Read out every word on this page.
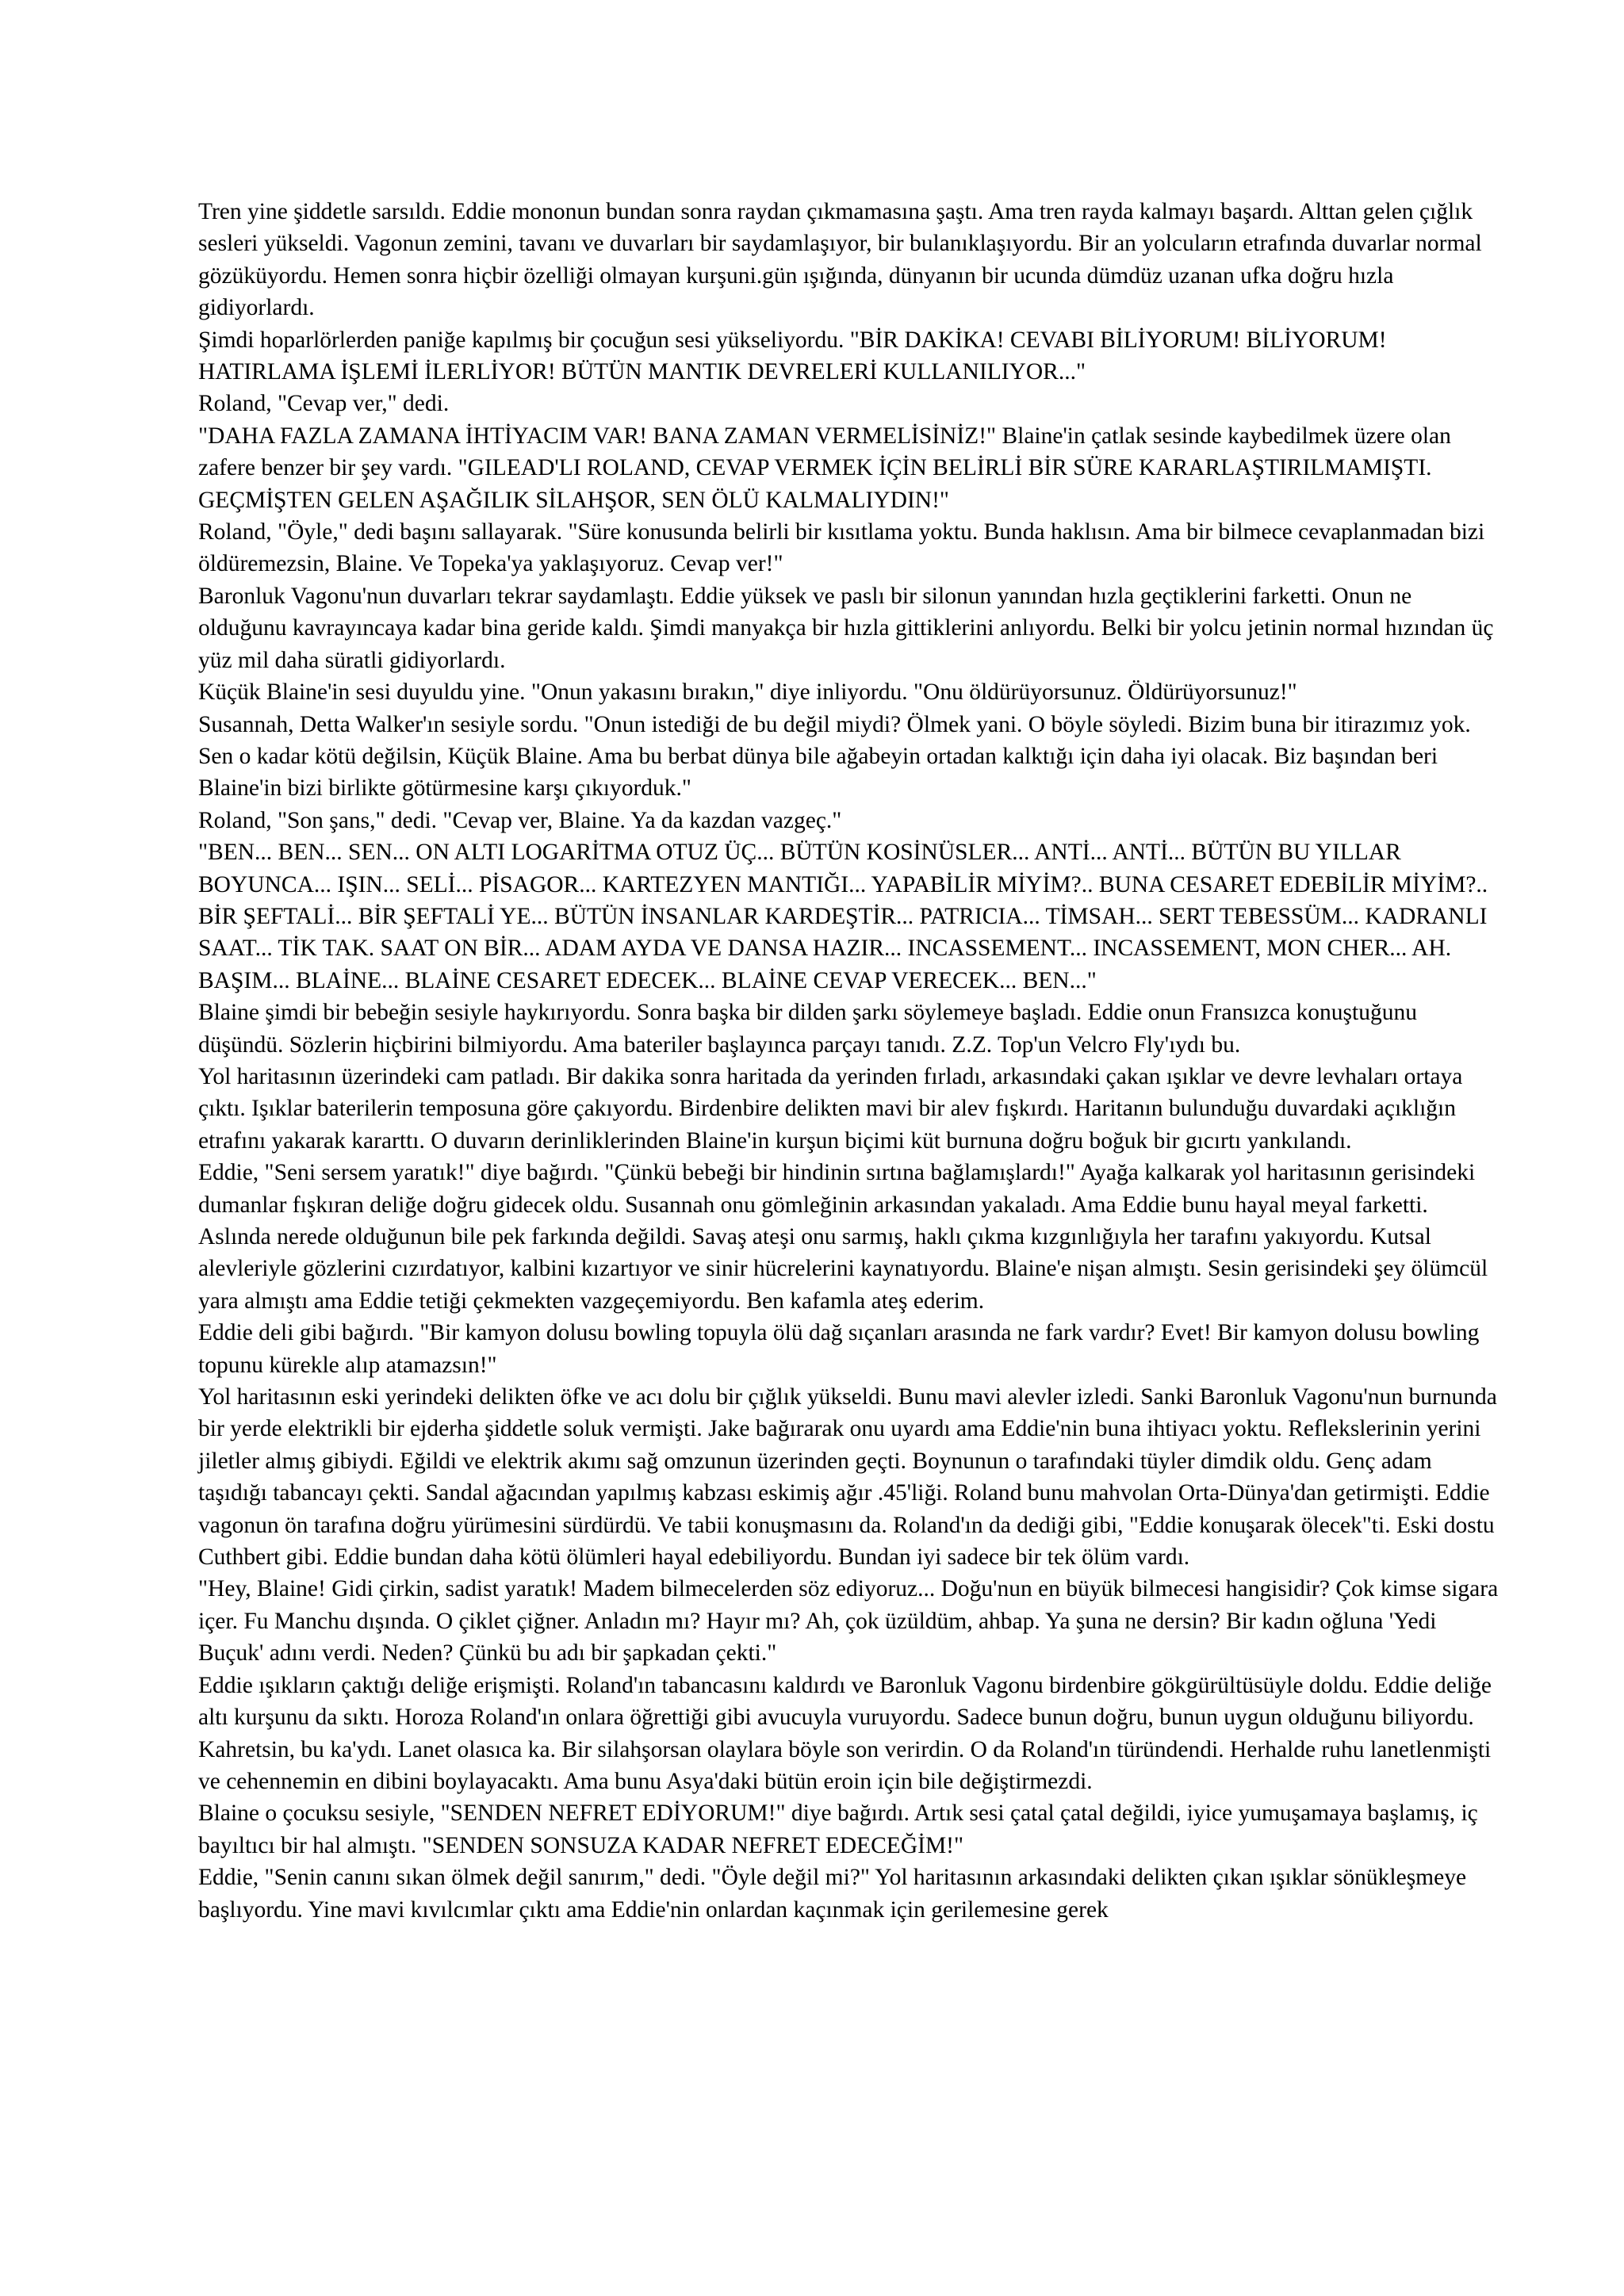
Tren yine şiddetle sarsıldı. Eddie mononun bundan sonra raydan çıkmamasına şaştı. Ama tren rayda kalmayı başardı. Alttan gelen çığlık sesleri yükseldi. Vagonun zemini, tavanı ve duvarları bir saydamlaşıyor, bir bulanıklaşıyordu. Bir an yolcuların etrafında duvarlar normal gözüküyordu. Hemen sonra hiçbir özelliği olmayan kurşuni.gün ışığında, dünyanın bir ucunda dümdüz uzanan ufka doğru hızla gidiyorlardı.

Şimdi hoparlörlerden paniğe kapılmış bir çocuğun sesi yükseliyordu. "BİR DAKİKA! CEVABI BİLİYORUM! BİLİYORUM! HATIRLAMA İŞLEMİ İLERLİYOR! BÜTÜN MANTIK DEVRELERİ KULLANILIYOR..."

Roland, "Cevap ver," dedi.

"DAHA FAZLA ZAMANA İHTİYACIM VAR! BANA ZAMAN VERMELİSİNİZ!" Blaine'in çatlak sesinde kaybedilmek üzere olan zafere benzer bir şey vardı. "GILEAD'LI ROLAND, CEVAP VERMEK İÇİN BELİRLİ BİR SÜRE KARARLAŞTIRILMAMIŞTI. GEÇMİŞTEN GELEN AŞAĞILIK SİLAHŞOR, SEN ÖLÜ KALMALIYDIN!"

Roland, "Öyle," dedi başını sallayarak. "Süre konusunda belirli bir kısıtlama yoktu. Bunda haklısın. Ama bir bilmece cevaplanmadan bizi öldüremezsin, Blaine. Ve Topeka'ya yaklaşıyoruz. Cevap ver!"

Baronluk Vagonu'nun duvarları tekrar saydamlaştı. Eddie yüksek ve paslı bir silonun yanından hızla geçtiklerini farketti. Onun ne olduğunu kavrayıncaya kadar bina geride kaldı. Şimdi manyakça bir hızla gittiklerini anlıyordu. Belki bir yolcu jetinin normal hızından üç yüz mil daha süratli gidiyorlardı.

Küçük Blaine'in sesi duyuldu yine. "Onun yakasını bırakın," diye inliyordu. "Onu öldürüyorsunuz. Öldürüyorsunuz!"

Susannah, Detta Walker'ın sesiyle sordu. "Onun istediği de bu değil miydi? Ölmek yani. O böyle söyledi. Bizim buna bir itirazımız yok. Sen o kadar kötü değilsin, Küçük Blaine. Ama bu berbat dünya bile ağabeyin ortadan kalktığı için daha iyi olacak. Biz başından beri Blaine'in bizi birlikte götürmesine karşı çıkıyorduk."

Roland, "Son şans," dedi. "Cevap ver, Blaine. Ya da kazdan vazgeç."

"BEN... BEN... SEN... ON ALTI LOGARİTMA OTUZ ÜÇ... BÜTÜN KOSİNÜSLER... ANTİ... ANTİ... BÜTÜN BU YILLAR BOYUNCA... IŞIN... SELİ... PİSAGOR... KARTEZYEN MANTIĞI... YAPABİLİR MİYİM?.. BUNA CESARET EDEBİLİR MİYİM?.. BİR ŞEFTALİ... BİR ŞEFTALİ YE... BÜTÜN İNSANLAR KARDEŞTİR... PATRICIA... TİMSAH... SERT TEBESSÜM... KADRANLI SAAT... TİK TAK. SAAT ON BİR... ADAM AYDA VE DANSA HAZIR... INCASSEMENT... INCASSEMENT, MON CHER... AH. BAŞIM... BLAİNE... BLAİNE CESARET EDECEK... BLAİNE CEVAP VERECEK... BEN..."

Blaine şimdi bir bebeğin sesiyle haykırıyordu. Sonra başka bir dilden şarkı söylemeye başladı. Eddie onun Fransızca konuştuğunu düşündü. Sözlerin hiçbirini bilmiyordu. Ama bateriler başlayınca parçayı tanıdı. Z.Z. Top'un Velcro Fly'ıydı bu.

Yol haritasının üzerindeki cam patladı. Bir dakika sonra haritada da yerinden fırladı, arkasındaki çakan ışıklar ve devre levhaları ortaya çıktı. Işıklar baterilerin temposuna göre çakıyordu. Birdenbire delikten mavi bir alev fışkırdı. Haritanın bulunduğu duvardaki açıklığın etrafını yakarak kararttı. O duvarın derinliklerinden Blaine'in kurşun biçimi küt burnuna doğru boğuk bir gıcırtı yankılandı.

Eddie, "Seni sersem yaratık!" diye bağırdı. "Çünkü bebeği bir hindinin sırtına bağlamışlardı!" Ayağa kalkarak yol haritasının gerisindeki dumanlar fışkıran deliğe doğru gidecek oldu. Susannah onu gömleğinin arkasından yakaladı. Ama Eddie bunu hayal meyal farketti. Aslında nerede olduğunun bile pek farkında değildi. Savaş ateşi onu sarmış, haklı çıkma kızgınlığıyla her tarafını yakıyordu. Kutsal alevleriyle gözlerini cızırdatıyor, kalbini kızartıyor ve sinir hücrelerini kaynatıyordu. Blaine'e nişan almıştı. Sesin gerisindeki şey ölümcül yara almıştı ama Eddie tetiği çekmekten vazgeçemiyordu. Ben kafamla ateş ederim.

Eddie deli gibi bağırdı. "Bir kamyon dolusu bowling topuyla ölü dağ sıçanları arasında ne fark vardır? Evet! Bir kamyon dolusu bowling topunu kürekle alıp atamazsın!"

Yol haritasının eski yerindeki delikten öfke ve acı dolu bir çığlık yükseldi. Bunu mavi alevler izledi. Sanki Baronluk Vagonu'nun burnunda bir yerde elektrikli bir ejderha şiddetle soluk vermişti. Jake bağırarak onu uyardı ama Eddie'nin buna ihtiyacı yoktu. Reflekslerinin yerini jiletler almış gibiydi. Eğildi ve elektrik akımı sağ omzunun üzerinden geçti. Boynunun o tarafındaki tüyler dimdik oldu. Genç adam taşıdığı tabancayı çekti. Sandal ağacından yapılmış kabzası eskimiş ağır .45'liği. Roland bunu mahvolan Orta-Dünya'dan getirmişti. Eddie vagonun ön tarafına doğru yürümesini sürdürdü. Ve tabii konuşmasını da. Roland'ın da dediği gibi, "Eddie konuşarak ölecek"ti. Eski dostu Cuthbert gibi. Eddie bundan daha kötü ölümleri hayal edebiliyordu. Bundan iyi sadece bir tek ölüm vardı.

"Hey, Blaine! Gidi çirkin, sadist yaratık! Madem bilmecelerden söz ediyoruz... Doğu'nun en büyük bilmecesi hangisidir? Çok kimse sigara içer. Fu Manchu dışında. O çiklet çiğner. Anladın mı? Hayır mı? Ah, çok üzüldüm, ahbap. Ya şuna ne dersin? Bir kadın oğluna 'Yedi Buçuk' adını verdi. Neden? Çünkü bu adı bir şapkadan çekti."

Eddie ışıkların çaktığı deliğe erişmişti. Roland'ın tabancasını kaldırdı ve Baronluk Vagonu birdenbire gökgürültüsüyle doldu. Eddie deliğe altı kurşunu da sıktı. Horoza Roland'ın onlara öğrettiği gibi avucuyla vuruyordu. Sadece bunun doğru, bunun uygun olduğunu biliyordu. Kahretsin, bu ka'ydı. Lanet olasıca ka. Bir silahşorsan olaylara böyle son verirdin. O da Roland'ın türündendi. Herhalde ruhu lanetlenmişti ve cehennemin en dibini boylayacaktı. Ama bunu Asya'daki bütün eroin için bile değiştirmezdi.

Blaine o çocuksu sesiyle, "SENDEN NEFRET EDİYORUM!" diye bağırdı. Artık sesi çatal çatal değildi, iyice yumuşamaya başlamış, iç bayıltıcı bir hal almıştı. "SENDEN SONSUZA KADAR NEFRET EDECEĞİM!"

Eddie, "Senin canını sıkan ölmek değil sanırım," dedi. "Öyle değil mi?" Yol haritasının arkasındaki delikten çıkan ışıklar sönükleşmeye başlıyordu. Yine mavi kıvılcımlar çıktı ama Eddie'nin onlardan kaçınmak için gerilemesine gerek
